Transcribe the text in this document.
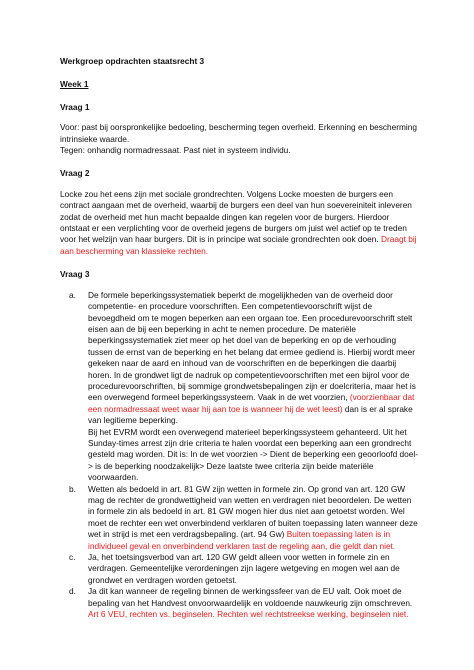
Werkgroep opdrachten staatsrecht 3
Week 1
Vraag 1

Voor: past bij oorspronkelijke bedoeling, bescherming tegen overheid. Erkenning en bescherming intrinsieke waarde.
Tegen: onhandig normadressaat. Past niet in systeem individu.

Vraag 2

Locke zou het eens zijn met sociale grondrechten. Volgens Locke moesten de burgers een contract aangaan met de overheid, waarbij de burgers een deel van hun soevereiniteit inleveren zodat de overheid met hun macht bepaalde dingen kan regelen voor de burgers. Hierdoor ontstaat er een verplichting voor de overheid jegens de burgers om juist wel actief op te treden voor het welzijn van haar burgers. Dit is in principe wat sociale grondrechten ook doen. Draagt bij aan bescherming van klassieke rechten.

Vraag 3
a. De formele beperkingssystematiek beperkt de mogelijkheden van de overheid door competentie- en procedure voorschriften. Een competentievoorschrift wijst de bevoegdheid om te mogen beperken aan een orgaan toe. Een procedurevoorschrift stelt eisen aan de bij een beperking in acht te nemen procedure. De materiële beperkingssystematiek ziet meer op het doel van de beperking en op de verhouding tussen de ernst van de beperking en het belang dat ermee gediend is. Hierbij wordt meer gekeken naar de aard en inhoud van de voorschriften en de beperkingen die daarbij horen. In de grondwet ligt de nadruk op competentievoorschriften met een bijrol voor de procedurevoorschriften, bij sommige grondwetsbepalingen zijn er doelcriteria, maar het is een overwegend formeel beperkingssysteem. Vaak in de wet voorzien, (voorzienbaar dat een normadressaat weet waar hij aan toe is wanneer hij de wet leest) dan is er al sprake van legitieme beperking.
Bij het EVRM wordt een overwegend materieel beperkingssysteem gehanteerd. Uit het Sunday-times arrest zijn drie criteria te halen voordat een beperking aan een grondrecht gesteld mag worden. Dit is: In de wet voorzien -> Dient de beperking een geoorloofd doel-> is de beperking noodzakelijk> Deze laatste twee criteria zijn beide materiële voorwaarden.
b. Wetten als bedoeld in art. 81 GW zijn wetten in formele zin. Op grond van art. 120 GW mag de rechter de grondwettigheid van wetten en verdragen niet beoordelen. De wetten in formele zin als bedoeld in art. 81 GW mogen hier dus niet aan getoetst worden. Wel moet de rechter een wet onverbindend verklaren of buiten toepassing laten wanneer deze wet in strijd is met een verdragsbepaling. (art. 94 Gw) Buiten toepassing laten is in individueel geval en onverbindend verklaren tast de regeling aan, die geldt dan niet.
c. Ja, het toetsingsverbod van art. 120 GW geldt alleen voor wetten in formele zin en verdragen. Gemeentelijke verordeningen zijn lagere wetgeving en mogen wel aan de grondwet en verdragen worden getoetst.
d. Ja dit kan wanneer de regeling binnen de werkingssfeer van de EU valt. Ook moet de bepaling van het Handvest onvoorwaardelijk en voldoende nauwkeurig zijn omschreven. Art 6 VEU, rechten vs. beginselen. Rechten wel rechtstreekse werking, beginselen niet.
